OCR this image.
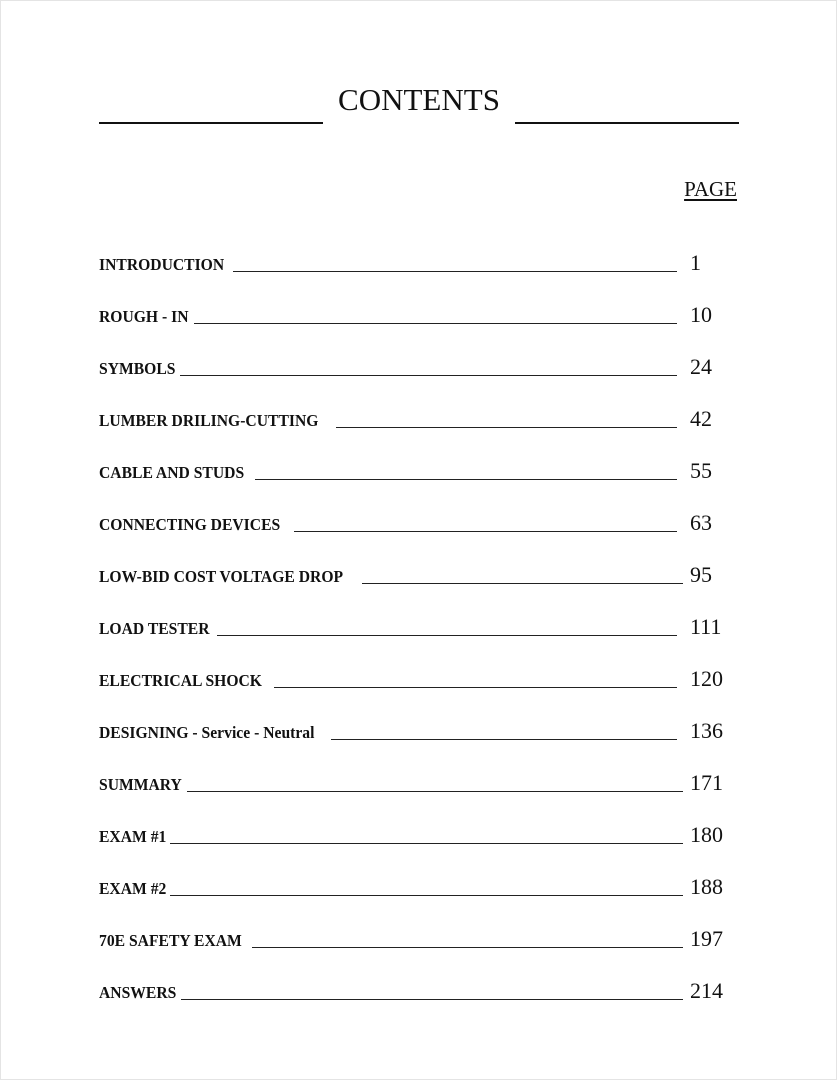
CONTENTS
PAGE
INTRODUCTION	1
ROUGH - IN	10
SYMBOLS	24
LUMBER DRILING-CUTTING	42
CABLE AND STUDS	55
CONNECTING DEVICES	63
LOW-BID COST VOLTAGE DROP	95
LOAD TESTER	111
ELECTRICAL SHOCK	120
DESIGNING - Service - Neutral	136
SUMMARY	171
EXAM #1	180
EXAM #2	188
70E SAFETY EXAM	197
ANSWERS	214
